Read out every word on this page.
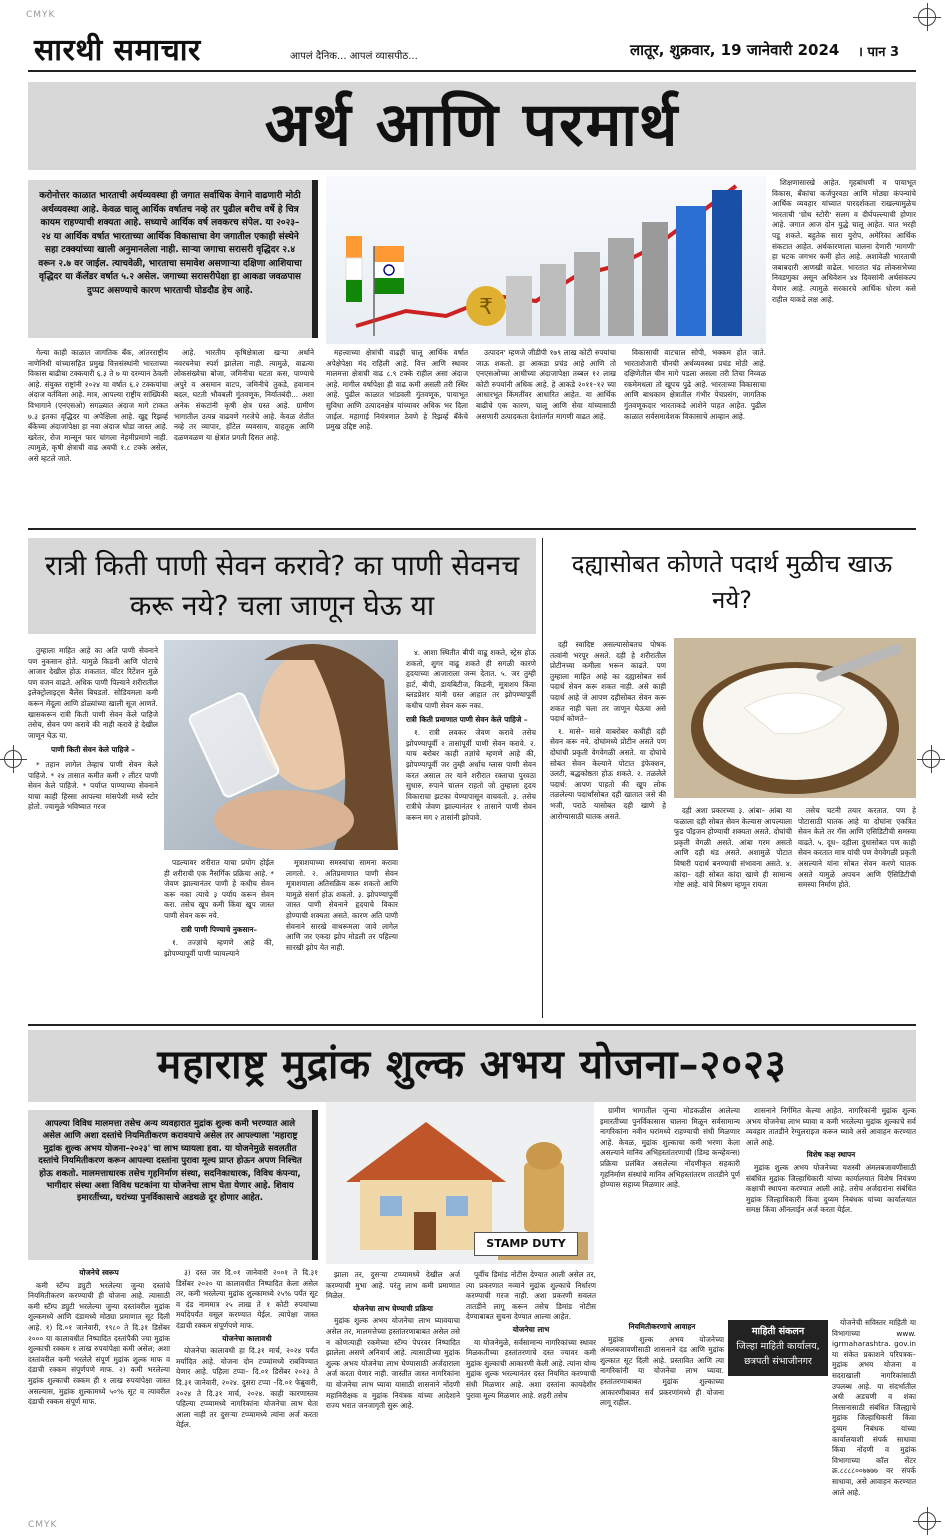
CMYK
CMYK
सारथी समाचार	आपलं दैनिक... आपलं व्यासपीठ...	लातूर, शुक्रवार, 19 जानेवारी 2024 । पान 3
अर्थ आणि परमार्थ
करोनोत्तर काळात भारताची अर्थव्यवस्था ही जगात सर्वाधिक वेगाने वाढणारी मोठी अर्थव्यवस्था आहे. केवळ चालू आर्थिक वर्षातच नव्हे तर पुढील बरीच वर्षे हे चित्र कायम राहण्याची शक्यता आहे. सध्याचे आर्थिक वर्ष लवकरच संपेल. या २०२३–२४ या आर्थिक वर्षात भारताच्या आर्थिक विकासाचा वेग जगातील एकाही संस्थेने सहा टक्क्यांच्या खाली अनुमानलेला नाही. साऱ्या जगाचा सरासरी वृद्धिदर २.४ वरून २.७ वर जाईल. त्याचवेळी, भारताचा समावेश असणाऱ्या दक्षिणा आशियाचा वृद्धिदर या कॅलेंडर वर्षात ५.२ असेल. जगाच्या सरासरीपेक्षा हा आकडा जवळपास दुप्पट असण्याचे कारण भारताची घोडदौड हेच आहे.
₹

शिक्षणासारखे आहेत. गृहबांधणी व पायाभूत विकास, बँकांचा कर्जपुरवठा आणि मोठ्या कंपन्यांचे आर्थिक व्यवहार यांच्यात पारदर्शकता राखल्यामुळेच भारताची 'ग्रोथ स्टोरी' सलग व दीर्घपल्ल्याची होणार आहे. जगात आज दोन युद्धे चालू आहेत. यात भरही पडू शकते. बहुतेक सारा युरोप, अमेरिका आर्थिक संकटात आहेत. अर्थकारणाला चालना देणारी 'मागणी' हा घटक जगभर कमी होत आहे. अशावेळी भारताची जबाबदारी आणखी वाढेल. भारतात चंद्र लोकसभेच्या निवडणुका असून अधिवेशन ४४ दिवसांनी अर्थसंकल्प येणार आहे. त्यामुळे सरकारचे आर्थिक धोरण कसे राहील याकडे लक्ष आहे.

गेल्या काही काळात जागतिक बँक, आंतरराष्ट्रीय नाणेनिधी यांच्यासहित प्रमुख वित्तसंस्थांनी भारताच्या विकास बाढीचा टक्कयारी ६.३ ते ७ या दरम्यान ठेवली आहे. संयुक्त राष्ट्रांनी २०२४ या वर्षात ६.२ टक्कयांचा अंदाज वर्तविला आहे. मात्र, आपल्या राष्ट्रीय सांख्यिकी विभागाने (एनएसओ) सगळ्यात अंदाज मागे टाकत ७.३ इतका वृद्धिदर या अपेक्षिला आहे. खुद्द रिझर्व्ह बँकेच्या अंदाजांपेक्षा हा नवा अंदाज थोडा जास्त आहे. खरेतर, रोज मान्सून फार चांगला नेहमीप्रमाणे नाही. त्यामुळे, कृषी क्षेत्राची वाढ अवघी १.८ टक्के असेल, असे म्हटले जाते.

आहे. भारतीय कृषिक्षेत्राला खऱ्या अर्थाने नवरचनेचा स्पर्श झालेला नाही. त्यामुळे, वाढत्या लोकसंख्येचा बोजा, जमिनीचा घटता कस, पाण्याचे अपुरे व असमान वाटप, जमिनीचे तुकडे, हवामान बदल, घटती भौवबली गुंतवणूक, निर्यातबंदी... अशा अनेक संकटांनी कृषी क्षेत्र ग्रस्त आहे. ग्रामीण भागातील उत्पन्न वाढवणे गरजेचे आहे. केवळ शेतीत नव्हे तर व्यापार, हॉटेल व्यवसाय, वाहतूक आणि दळणवळण या क्षेत्रांत प्रगती दिसत आहे.

महत्त्वाच्या क्षेत्रांची वाढही चालू आर्थिक वर्षात अपेक्षेपेक्षा मंद राहिली आहे. वित्त आणि स्थावर मालमत्ता क्षेत्राची वाढ ८.९ टक्के राहील असा अंदाज आहे. मागील वर्षापेक्षा ही वाढ कमी असली तरी स्थिर आहे. पुढील काळात भांडवली गुंतवणूक, पायाभूत सुविधा आणि उत्पादनक्षेत्र यांच्यावर अधिक भर दिला जाईल. महागाई नियंत्रणात ठेवणे हे रिझर्व्ह बँकेचे प्रमुख उद्दिष्ट आहे.

उत्पादन' म्हणजे जीडीपी १७९ लाख कोटी रुपयांचा जाऊ शकतो. हा आकडा प्रचंड आहे आणि तो एनएसओच्या आधीच्या अंदाजापेक्षा तब्बल १२ लाख कोटी रुपयांनी अधिक आहे. हे आकडे २०११–१२ च्या आधारभूत किंमतींवर आधारित आहेत. या आर्थिक बाढीचे एक कारण, चालू आणि सेवा यांच्यासाठी असणारी उत्पादकता देशांतर्गत मागणी वाढत आहे.

विकासाची वाटचाल सोपी, भक्कम होत जाते. भारताशेजारी चीनची अर्थव्यवस्था प्रचंड मोठी आहे. दक्षिणेतील चीन मागे पडला असला तरी तिचा निव्वळ रकमेमधला तो खूपच पुढे आहे. भारताच्या विकासाचा आणि बाधकाम क्षेत्रातील गंभीर पेचप्रसंग, जागतिक गुंतवणूकदार भारताकडे आशेने पाहत आहेत. पुढील काळात सर्वसमावेशक विकासाचे आव्हान आहे.

रात्री किती पाणी सेवन करावे? का पाणी सेवनच करू नये? चला जाणून घेऊ या

तुम्हाला माहित आहे का अति पाणी सेवनाने पण नुकसान होते. यामुळे किडनी आणि पोटाचे आजार देखील होऊ शकतात. वॉटर रिटेंशन मुळे पण वजन वाढते. अधिक पाणी पिल्याने शरीरातील इलेक्ट्रोलाइट्स बैलेंस बिघडतो. सोडियमला कमी करून मेंदूला आणि डोळ्यांच्या खाली सूज आणते. खासकरून रात्री किती पाणी सेवन केले पाहिजे तसेच, सेवन पण करावे की नाही करावे हे देखील जाणून घेऊ या.

पाणी किती सेवन केले पाहिजे –

* तहान लागेल तेव्हाच पाणी सेवन केले पाहिजे. * २४ तासात कमीत कमी २ लीटर पाणी सेवन केले पाहिजे. * पर्याप्त पाण्याच्या सेवनाने याचा काही हिस्सा आपल्या मांसपेशी मध्ये स्टोर होतो. ज्यामुळे भविष्यात गरज

पडल्यावर शरीरात याचा प्रयोग होईल ही शरीराची एक नैसर्गिक प्रक्रिया आहे. * जेवण झाल्यानंतर पाणी हे कधीच सेवन करू नका त्याचे ३ पर्याय करून सेवन करा. तसेच खूप कमी किंवा खूप जास्त पाणी सेवन करू नये.

रात्री पाणी पिण्याचे नुकसान–

१. तज्ज्ञांचे म्हणणे आहे की, झोपण्यापूर्वी पाणी प्यायल्याने

मूत्राशयाच्या समस्यांचा सामना करावा लागतो. २. अतिप्रमाणात पाणी सेवन मूत्राशयाला अतिसक्रिय करू शकतो आणि यामुळे संसर्ग होऊ शकतो. ३. झोपण्यापूर्वी जास्त पाणी सेवनाने हृदयाचे विकार होण्याची शक्यता असते. कारण अति पाणी सेवनाने सारखे वाथरूमला जावे लागेल आणि जर एकदा झोप मोडली तर पहिल्या सारखी झोप येत नाही.

४. आशा स्थितीत बीपी वाढू शकते, स्ट्रेस होऊ शकतो, शुगर वाढू शकते ही सगळी कारणे हृदयाच्या आजाराला जन्म देतात. ५. जर तुम्ही हार्ट, बीपी, डायबिटीज, किडनी, मूत्राशय किंवा ब्लडप्रेशर यांनी ग्रस्त आहात तर झोपण्यापूर्वी कधीच पाणी सेवन करू नका.

रात्री किती प्रमाणात पाणी सेवन केले पाहिजे –

१. रात्री लवकर जेवण करावे तसेच झोपण्यापूर्वी २ तासांपूर्वी पाणी सेवन करावे. २. याच बरोबर काही तज्ञांचे म्हणणे आहे की, झोपण्यापूर्वी जर तुम्ही अर्धाच ग्लास पाणी सेवन करत असाल तर याने शरीरात रक्ताचा पुरवठा सुधारु, रुपाने चालन राहतो जो तुम्हाला हृदय विकाराचा झटका येण्यापासून वाचवतो. ३. तसेच रात्रीचे जेवण झाल्यानंतर १ तासाने पाणी सेवन करून मग २ तासांनी झोपावे.

दह्यासोबत कोणते पदार्थ मुळीच खाऊ नये?

दही स्वादिष्ट असल्यासोबतच पोषक तत्वांनी भरपूर असते. दही हे शरीरातील प्रोटीनच्या कमीला भरून काढते. पण तुम्हाला माहित आहे का दह्यासोबत सर्व पदार्थ सेवन करू शकत नाही. असे काही पदार्थ आहे जे आपण दहीसोबत सेवन करू शकत नाही चला तर जाणून घेऊया असे पदार्थ कोणते–

१. मासे– मासे वाबरोबर कधीही दही सेवन करू नये. दोघांमध्ये प्रोटीन असते पण दोघांची प्रकृती वेगवेगळी असते. या दोघांचे सोबत सेवन केल्याने पोटात इंफेक्शन, उलटी, बद्धकोष्ठता होऊ शकते. २. तळलेले पदार्थ: आपण पाहतो की खूप लोक तळलेल्या पदार्थांसोबत दही खातात जसे की भजी, पराठे यासोबत दही खाणे हे आरोग्यासाठी घातक असते.

दही अशा प्रकारच्या ३. आंबा– आंबा या फळाला दही सोबत सेवन केल्यास आपल्याला फूड पॉइजन होण्याची शक्यता असते. दोघांची प्रकृती वेगळी असते. आंबा गरम असतो आणि दही थंड असते. अशामुळे पोटात विषारी पदार्थ बनण्याची संभावना असते. ४. कांदा– दही सोबत कांदा खाणे ही सामान्य गोष्ट आहे. यांचे मिश्रण म्हणून रायता

तसेच चटनी तयार करतात. पण हे पोटासाठी घातक आहे या दोघांना एकत्रित सेवन केले तर गॅस आणि एसिडिटीची समस्या वाढते. ५. दूध– दहीला दुधासोबत पण काही सेवन करतात मात्र यांची पण वेगवेगळी प्रकृती असल्याने यांना सोबत सेवन करणे घातक असते यामुळे अपचन आणि ऍसिडिटीची समस्या निर्माण होते.

महाराष्ट्र मुद्रांक शुल्क अभय योजना–२०२३
आपल्या विविध मालमत्ता तसेच अन्य व्यवहारात मुद्रांक शुल्क कमी भरण्यात आले असेल आणि अशा दस्तांचे नियमितीकरण करावयाचे असेल तर आपल्याला 'महाराष्ट्र मुद्रांक शुल्क अभय योजना–२०२३' चा लाभ घ्यायला हवा. या योजनेमुळे सवलतीत दस्तांचे नियमितीकरण करून आपल्या दस्तांना पुरावा मूल्य प्राप्त होऊन अपण निश्चित होऊ शकतो. मालमत्ताधारक तसेच गृहनिर्माण संस्था, सदनिकाधारक, विविध कंपन्या, भागीदार संस्था अशा विविध घटकांना या योजनेचा लाभ घेता येणार आहे. शिवाय इमारतींच्या, घरांच्या पुनर्विकासाचे अडथळे दूर होणार आहेत.
STAMP DUTY

ग्रामीण भागातील जुन्या मोडकळीस आलेल्या इमारतीच्या पुनर्विकासास चालना मिळून सर्वसामान्य नागरिकांना नवीन घरांमध्ये राहण्याची संधी मिळणार आहे. केवळ, मुद्रांक शुल्काचा कमी भरणा केला असल्याने मानिव अभिहस्तांतरणाची (डिम्ड कन्व्हेयन्स) प्रक्रिया प्रलंबित असलेल्या नोंदणीकृत सहकारी गृहनिर्माण संस्थांचे मानिव अभिहस्तांतरण तातडीने पूर्ण होण्यास सहाय्य मिळणार आहे.

शासनाने निर्गमित केल्या आहेत. नागरिकांनी मुद्रांक शुल्क अभय योजनेचा लाभ घ्यावा व कमी भरलेल्या मुद्रांक शुल्काचे सर्व व्यवहार तातडीने रेग्युलराइज करून घ्यावे असे आवाहन करण्यात आले आहे.

विशेष कक्ष स्थापन

मुद्रांक शुल्क अभय योजनेच्या यशस्वी अंमलबजावणीसाठी संबंधित मुद्रांक जिल्हाधिकारी यांच्या कार्यालयात विशेष नियंत्रण कक्षाची स्थापना करण्यात आली आहे. तसेच अर्जदारांना संबंधित मुद्रांक जिल्हाधिकारी किंवा दुय्यम निबंधक यांच्या कार्यालयात समक्ष किंवा ऑनलाईन अर्ज करता येईल.

माहिती संकलन
जिल्हा माहिती कार्यालय,
छत्रपती संभाजीनगर

योजनेची सविस्तर माहिती या विभागाच्या www. igrmaharashtra. gov.in या संकेत प्रकाशने परिपत्रक–मुद्रांक अभय योजना व सदराखाली नागरिकांसाठी उपलब्ध आहे. या संदर्भातील अधी अडचणी व शंका निरसनासाठी संबंधित जिल्ह्याचे मुद्रांक जिल्हाधिकारी किंवा दुय्यम निबंधक यांच्या कार्यालयाशी संपर्क साधावा किंवा नोंदणी व मुद्रांक विभागाच्या कॉल सेंटर क्र.८८८८००७७७७ वर संपर्क साधावा, असे आवाहन करण्यात आले आहे.

योजनेचे स्वरूप

कमी स्टॅम्प ड्युटी भरलेल्या जुन्या दस्तांचे नियमितीकरण करण्याची ही योजना आहे. त्यासाठी कमी स्टॅम्प ड्युटी भरलेल्या जुन्या दस्तांवरील मुद्रांक शुल्कमध्ये आणि दंडामध्ये मोठ्या प्रमाणात सूट दिली आहे. १) दि.०१ जानेवारी, १९८० ते दि.३१ डिसेंबर २००० या कालावधीत निष्पादित दस्तांपैकी ज्या मुद्रांक शुल्काची रक्कम १ लाख रुपयांपेक्षा कमी असेल; अशा दस्तांवरील कमी भरलेले संपूर्ण मुद्रांक शुल्क माफ व दंडाची रक्कम संपूर्णपणे माफ. २) कमी भरलेल्या मुद्रांक शुल्काची रक्कम ही १ लाख रुपयांपेक्षा जास्त असल्यास, मुद्रांक शुल्कामध्ये ५०% सूट व त्यावरील दंडाची रक्कम संपूर्ण माफ.

३) दस्त जर दि.०१ जानेवारी २००१ ते दि.३१ डिसेंबर २०२० या कालावधीत निष्पादित केला असेल तर, कमी भरलेल्या मुद्रांक शुल्कामध्ये २५% पर्यंत सूट व दंड नाममात्र २५ लाख ते १ कोटी रुपयांच्या मर्यादेपर्यंत वसूल करण्यात येईल. त्यापेक्षा जास्त दंडाची रक्कम संपूर्णपणे माफ.

योजनेचा कालावधी

योजनेचा कालावधी हा दि.३१ मार्च, २०२४ पर्यंत मर्यादित आहे. योजना दोन टप्प्यांमध्ये राबविण्यात येणार आहे. पहिला टप्पा– दि.०१ डिसेंबर २०२३ ते दि.३१ जानेवारी, २०२४. दुसरा टप्पा –दि.०१ फेब्रुवारी, २०२४ ते दि.३१ मार्च, २०२४. काही कारणास्तव पहिल्या टप्प्यामध्ये नागरिकांना योजनेचा लाभ घेता आला नाही तर दुसऱ्या टप्प्यामध्ये त्यांना अर्ज करता येईल.

झाला तर, दुसऱ्या टप्प्यामध्ये देखील अर्ज करण्याची मुभा आहे. परंतु लाभ कमी प्रमाणात मिळेल.

योजनेचा लाभ घेण्याची प्रक्रिया

मुद्रांक शुल्क अभय योजनेचा लाभ घ्यावयाचा असेल तर, मालमत्तेच्या हस्तांतरणाबाबत असेल तसे न कोणत्याही रकमेच्या स्टॅम्प पेपरवर निष्पादित झालेला असणे अनिवार्य आहे. त्यासाठीच्या मुद्रांक शुल्क अभय योजनेचा लाभ घेण्यासाठी अर्जदाराला अर्ज करता येणार नाही. जास्तीत जास्त नागरिकांना या योजनेचा लाभ घ्यावा यासाठी शासनाने नोंदणी महानिरीक्षक व मुद्रांक नियंत्रक यांच्या आदेशाने राज्य भरात जनजागृती सुरू आहे.

पूर्वीच डिमांड नोटीस देण्यात आली असेल तर, त्या प्रकरणात नव्याने मुद्रांक शुल्काचे निर्धारण करण्याची गरज नाही. अशा प्रकरणी सवलत तातडीने लागू करून तसेच डिमांड नोटीस देण्याबाबत सुचना देण्यात आल्या आहेत.

योजनेचा लाभ

या योजनेमुळे, सर्वसामान्य नागरिकांच्या स्थावर मिळकतीच्या हस्तांतरणाचे दस्त ज्यावर कमी मुद्रांक शुल्काची आकारणी केली आहे. त्यांना योग्य मुद्रांक शुल्क भरल्यानंतर दस्त नियमित करण्याची संधी मिळणार आहे. अशा दस्तांना कायदेशीर पुरावा मूल्य मिळणार आहे. शहरी तसेच

नियमितीकरणाचे आवाहन

मुद्रांक शुल्क अभय योजनेच्या अंमलबजावणीसाठी शासनाने दंड आणि मुद्रांक शुल्कात सूट दिली आहे. प्रस्तावित आणि त्या नागरिकांनी या योजनेचा लाभ घ्यावा. हस्तांतरणाबाबत मुद्रांक शुल्काच्या आकारणीबाबत सर्व प्रकरणांमध्ये ही योजना लागू राहील.
